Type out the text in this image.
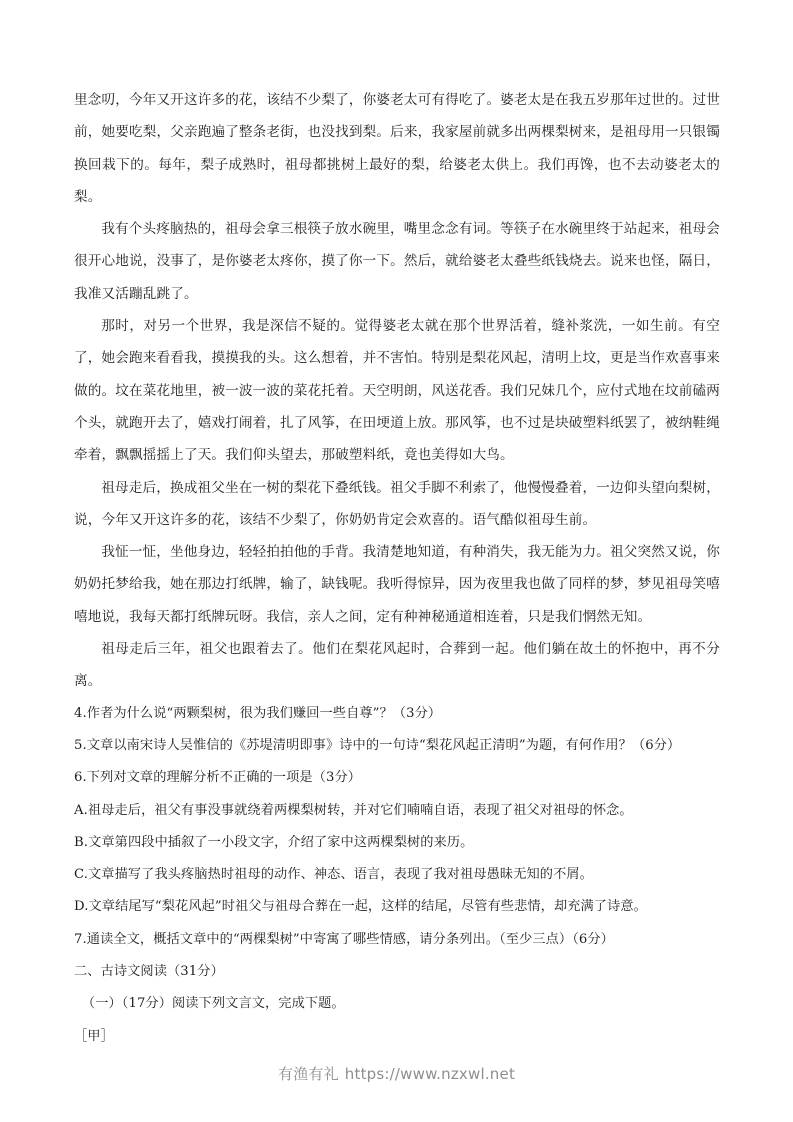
里念叨，今年又开这许多的花，该结不少梨了，你婆老太可有得吃了。婆老太是在我五岁那年过世的。过世前，她要吃梨，父亲跑遍了整条老街，也没找到梨。后来，我家屋前就多出两棵梨树来，是祖母用一只银镯换回栽下的。每年，梨子成熟时，祖母都挑树上最好的梨，给婆老太供上。我们再馋，也不去动婆老太的梨。

我有个头疼脑热的，祖母会拿三根筷子放水碗里，嘴里念念有词。等筷子在水碗里终于站起来，祖母会很开心地说，没事了，是你婆老太疼你，摸了你一下。然后，就给婆老太叠些纸钱烧去。说来也怪，隔日，我准又活蹦乱跳了。

那时，对另一个世界，我是深信不疑的。觉得婆老太就在那个世界活着，缝补浆洗，一如生前。有空了，她会跑来看看我，摸摸我的头。这么想着，并不害怕。特别是梨花风起，清明上坟，更是当作欢喜事来做的。坟在菜花地里，被一波一波的菜花托着。天空明朗，风送花香。我们兄妹几个，应付式地在坟前磕两个头，就跑开去了，嬉戏打闹着，扎了风筝，在田埂道上放。那风筝，也不过是块破塑料纸罢了，被纳鞋绳牵着，飘飘摇摇上了天。我们仰头望去，那破塑料纸，竟也美得如大鸟。

祖母走后，换成祖父坐在一树的梨花下叠纸钱。祖父手脚不利索了，他慢慢叠着，一边仰头望向梨树，说，今年又开这许多的花，该结不少梨了，你奶奶肯定会欢喜的。语气酷似祖母生前。

我怔一怔，坐他身边，轻轻拍拍他的手背。我清楚地知道，有种消失，我无能为力。祖父突然又说，你奶奶托梦给我，她在那边打纸牌，输了，缺钱呢。我听得惊异，因为夜里我也做了同样的梦，梦见祖母笑嘻嘻地说，我每天都打纸牌玩呀。我信，亲人之间，定有种神秘通道相连着，只是我们惘然无知。

祖母走后三年，祖父也跟着去了。他们在梨花风起时，合葬到一起。他们躺在故土的怀抱中，再不分离。

4.作者为什么说“两颗梨树，很为我们赚回一些自尊”？（3分）

5.文章以南宋诗人吴惟信的《苏堤清明即事》诗中的一句诗“梨花风起正清明”为题，有何作用？（6分）

6.下列对文章的理解分析不正确的一项是（3分）

A.祖母走后，祖父有事没事就绕着两棵梨树转，并对它们喃喃自语，表现了祖父对祖母的怀念。

B.文章第四段中插叙了一小段文字，介绍了家中这两棵梨树的来历。

C.文章描写了我头疼脑热时祖母的动作、神态、语言，表现了我对祖母愚昧无知的不屑。

D.文章结尾写“梨花风起”时祖父与祖母合葬在一起，这样的结尾，尽管有些悲情，却充满了诗意。

7.通读全文，概括文章中的“两棵梨树”中寄寓了哪些情感，请分条列出。（至少三点）（6分）

二、古诗文阅读（31分）

（一）（17分）阅读下列文言文，完成下题。

［甲］

有渔有礼 https://www.nzxwl.net
